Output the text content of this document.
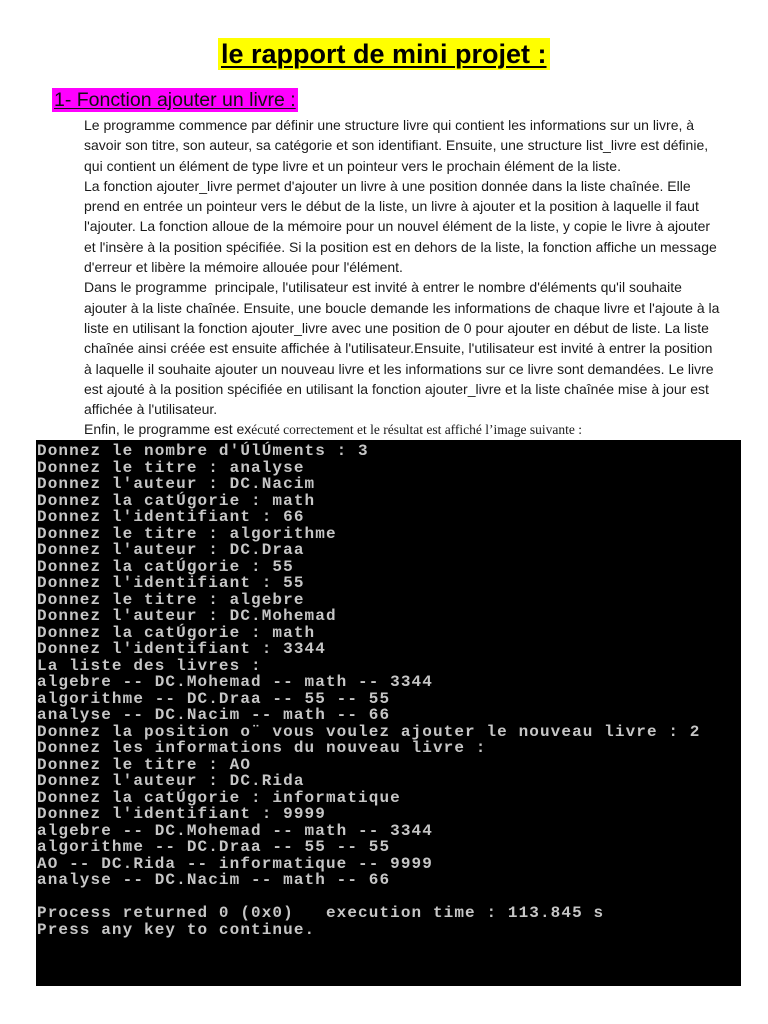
le rapport de mini projet :
1- Fonction ajouter un livre :
Le programme commence par définir une structure livre qui contient les informations sur un livre, à
savoir son titre, son auteur, sa catégorie et son identifiant. Ensuite, une structure list_livre est définie,
qui contient un élément de type livre et un pointeur vers le prochain élément de la liste.
La fonction ajouter_livre permet d'ajouter un livre à une position donnée dans la liste chaînée. Elle
prend en entrée un pointeur vers le début de la liste, un livre à ajouter et la position à laquelle il faut
l'ajouter. La fonction alloue de la mémoire pour un nouvel élément de la liste, y copie le livre à ajouter
et l'insère à la position spécifiée. Si la position est en dehors de la liste, la fonction affiche un message
d'erreur et libère la mémoire allouée pour l'élément.
Dans le programme  principale, l'utilisateur est invité à entrer le nombre d'éléments qu'il souhaite
ajouter à la liste chaînée. Ensuite, une boucle demande les informations de chaque livre et l'ajoute à la
liste en utilisant la fonction ajouter_livre avec une position de 0 pour ajouter en début de liste. La liste
chaînée ainsi créée est ensuite affichée à l'utilisateur.Ensuite, l'utilisateur est invité à entrer la position
à laquelle il souhaite ajouter un nouveau livre et les informations sur ce livre sont demandées. Le livre
est ajouté à la position spécifiée en utilisant la fonction ajouter_livre et la liste chaînée mise à jour est
affichée à l'utilisateur.
Enfin, le programme est exécuté correctement et le résultat est affiché l’image suivante :
Donnez le nombre d'ÚlÚments : 3
Donnez le titre : analyse
Donnez l'auteur : DC.Nacim
Donnez la catÚgorie : math
Donnez l'identifiant : 66
Donnez le titre : algorithme
Donnez l'auteur : DC.Draa
Donnez la catÚgorie : 55
Donnez l'identifiant : 55
Donnez le titre : algebre
Donnez l'auteur : DC.Mohemad
Donnez la catÚgorie : math
Donnez l'identifiant : 3344
La liste des livres :
algebre -- DC.Mohemad -- math -- 3344
algorithme -- DC.Draa -- 55 -- 55
analyse -- DC.Nacim -- math -- 66
Donnez la position o¨ vous voulez ajouter le nouveau livre : 2
Donnez les informations du nouveau livre :
Donnez le titre : AO
Donnez l'auteur : DC.Rida
Donnez la catÚgorie : informatique
Donnez l'identifiant : 9999
algebre -- DC.Mohemad -- math -- 3344
algorithme -- DC.Draa -- 55 -- 55
AO -- DC.Rida -- informatique -- 9999
analyse -- DC.Nacim -- math -- 66
Process returned 0 (0x0)   execution time : 113.845 s
Press any key to continue.
